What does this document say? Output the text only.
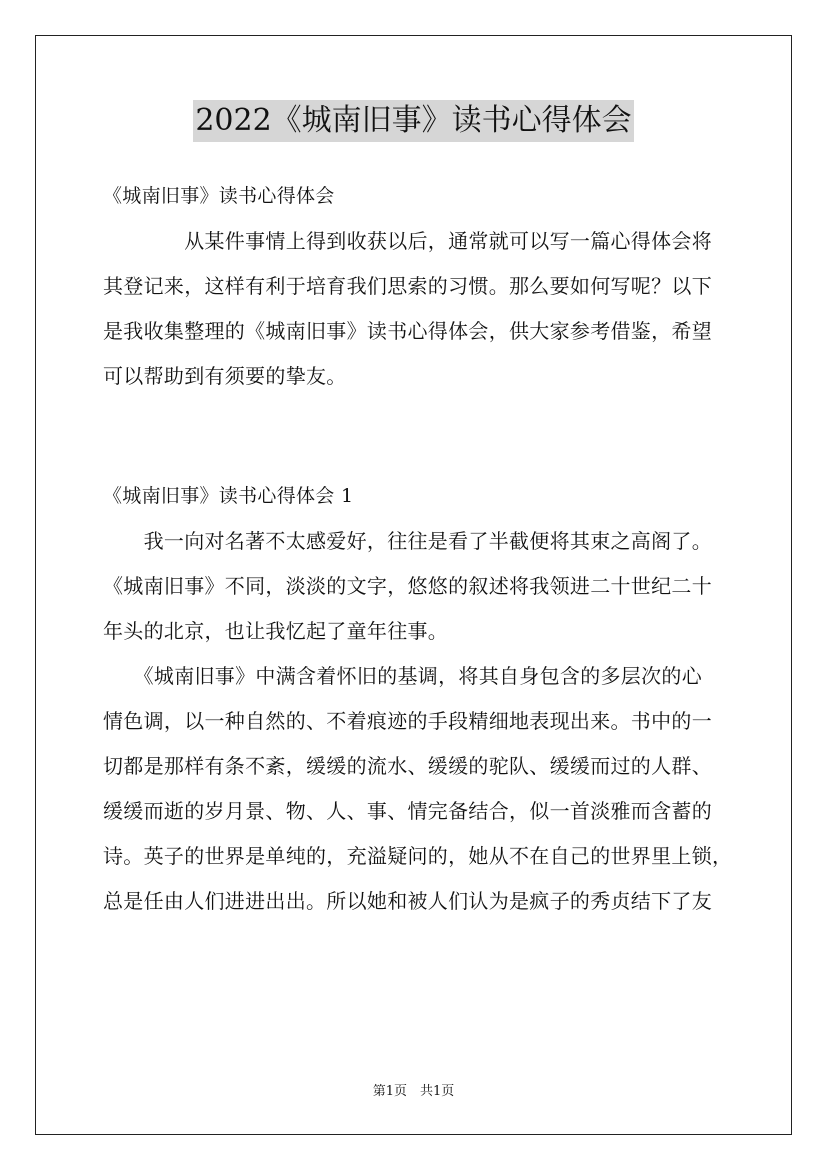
2022《城南旧事》读书心得体会
《城南旧事》读书心得体会
　　　　从某件事情上得到收获以后，通常就可以写一篇心得体会将
其登记来，这样有利于培育我们思索的习惯。那么要如何写呢？以下
是我收集整理的《城南旧事》读书心得体会，供大家参考借鉴，希望
可以帮助到有须要的挚友。
《城南旧事》读书心得体会 1
　　我一向对名著不太感爱好，往往是看了半截便将其束之高阁了。
《城南旧事》不同，淡淡的文字，悠悠的叙述将我领进二十世纪二十
年头的北京，也让我忆起了童年往事。
　　《城南旧事》中满含着怀旧的基调，将其自身包含的多层次的心
情色调，以一种自然的、不着痕迹的手段精细地表现出来。书中的一
切都是那样有条不紊，缓缓的流水、缓缓的驼队、缓缓而过的人群、
缓缓而逝的岁月景、物、人、事、情完备结合，似一首淡雅而含蓄的
诗。英子的世界是单纯的，充溢疑问的，她从不在自己的世界里上锁，
总是任由人们进进出出。所以她和被人们认为是疯子的秀贞结下了友
第1页　共1页
